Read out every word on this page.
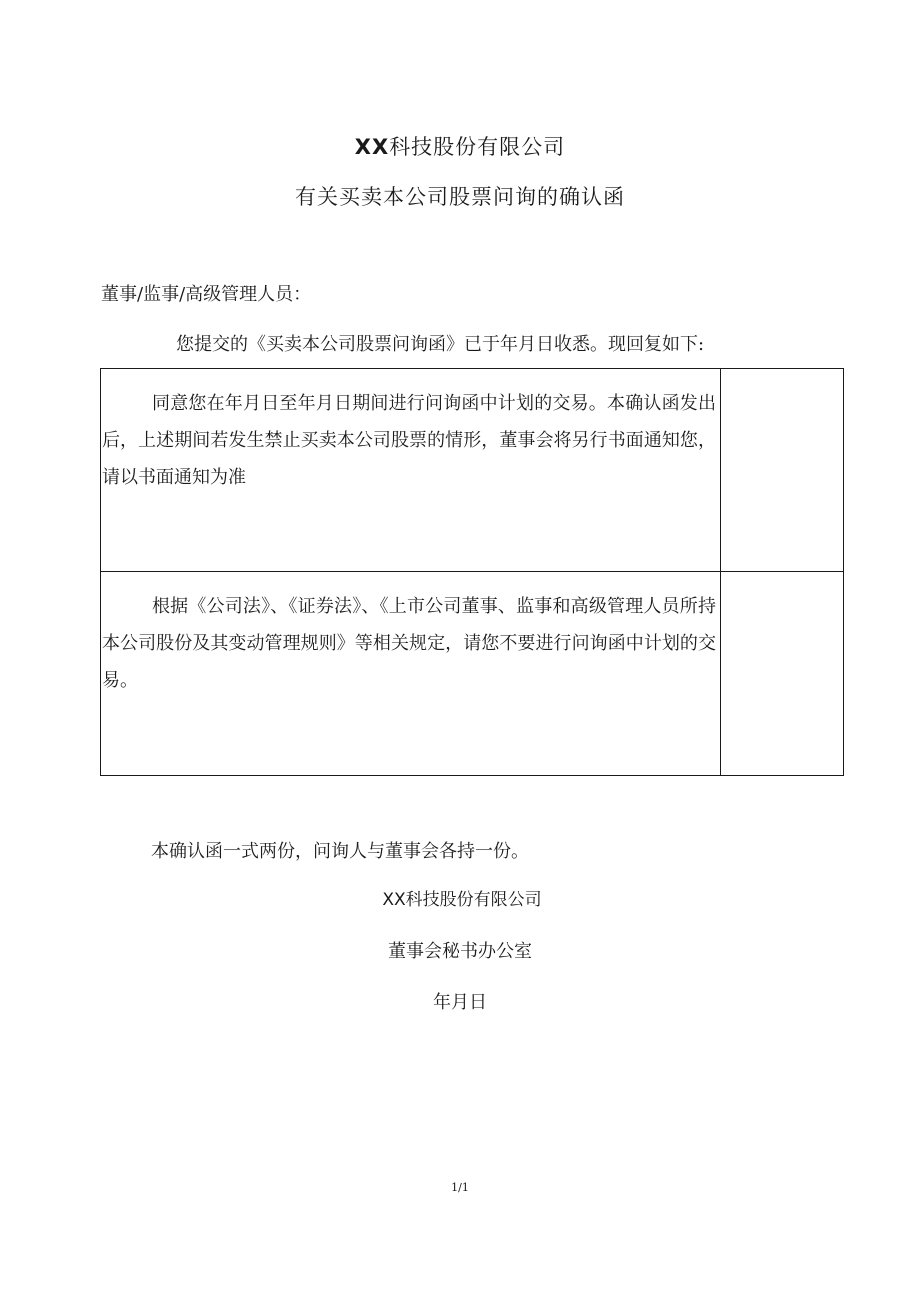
XX科技股份有限公司
有关买卖本公司股票问询的确认函
董事/监事/高级管理人员：
您提交的《买卖本公司股票问询函》已于年月日收悉。现回复如下:
同意您在年月日至年月日期间进行问询函中计划的交易。本确认函发出后，上述期间若发生禁止买卖本公司股票的情形，董事会将另行书面通知您，请以书面通知为准
根据《公司法》、《证券法》、《上市公司董事、监事和高级管理人员所持本公司股份及其变动管理规则》等相关规定，请您不要进行问询函中计划的交易。
本确认函一式两份，问询人与董事会各持一份。
XX科技股份有限公司
董事会秘书办公室
年月日
1/1
